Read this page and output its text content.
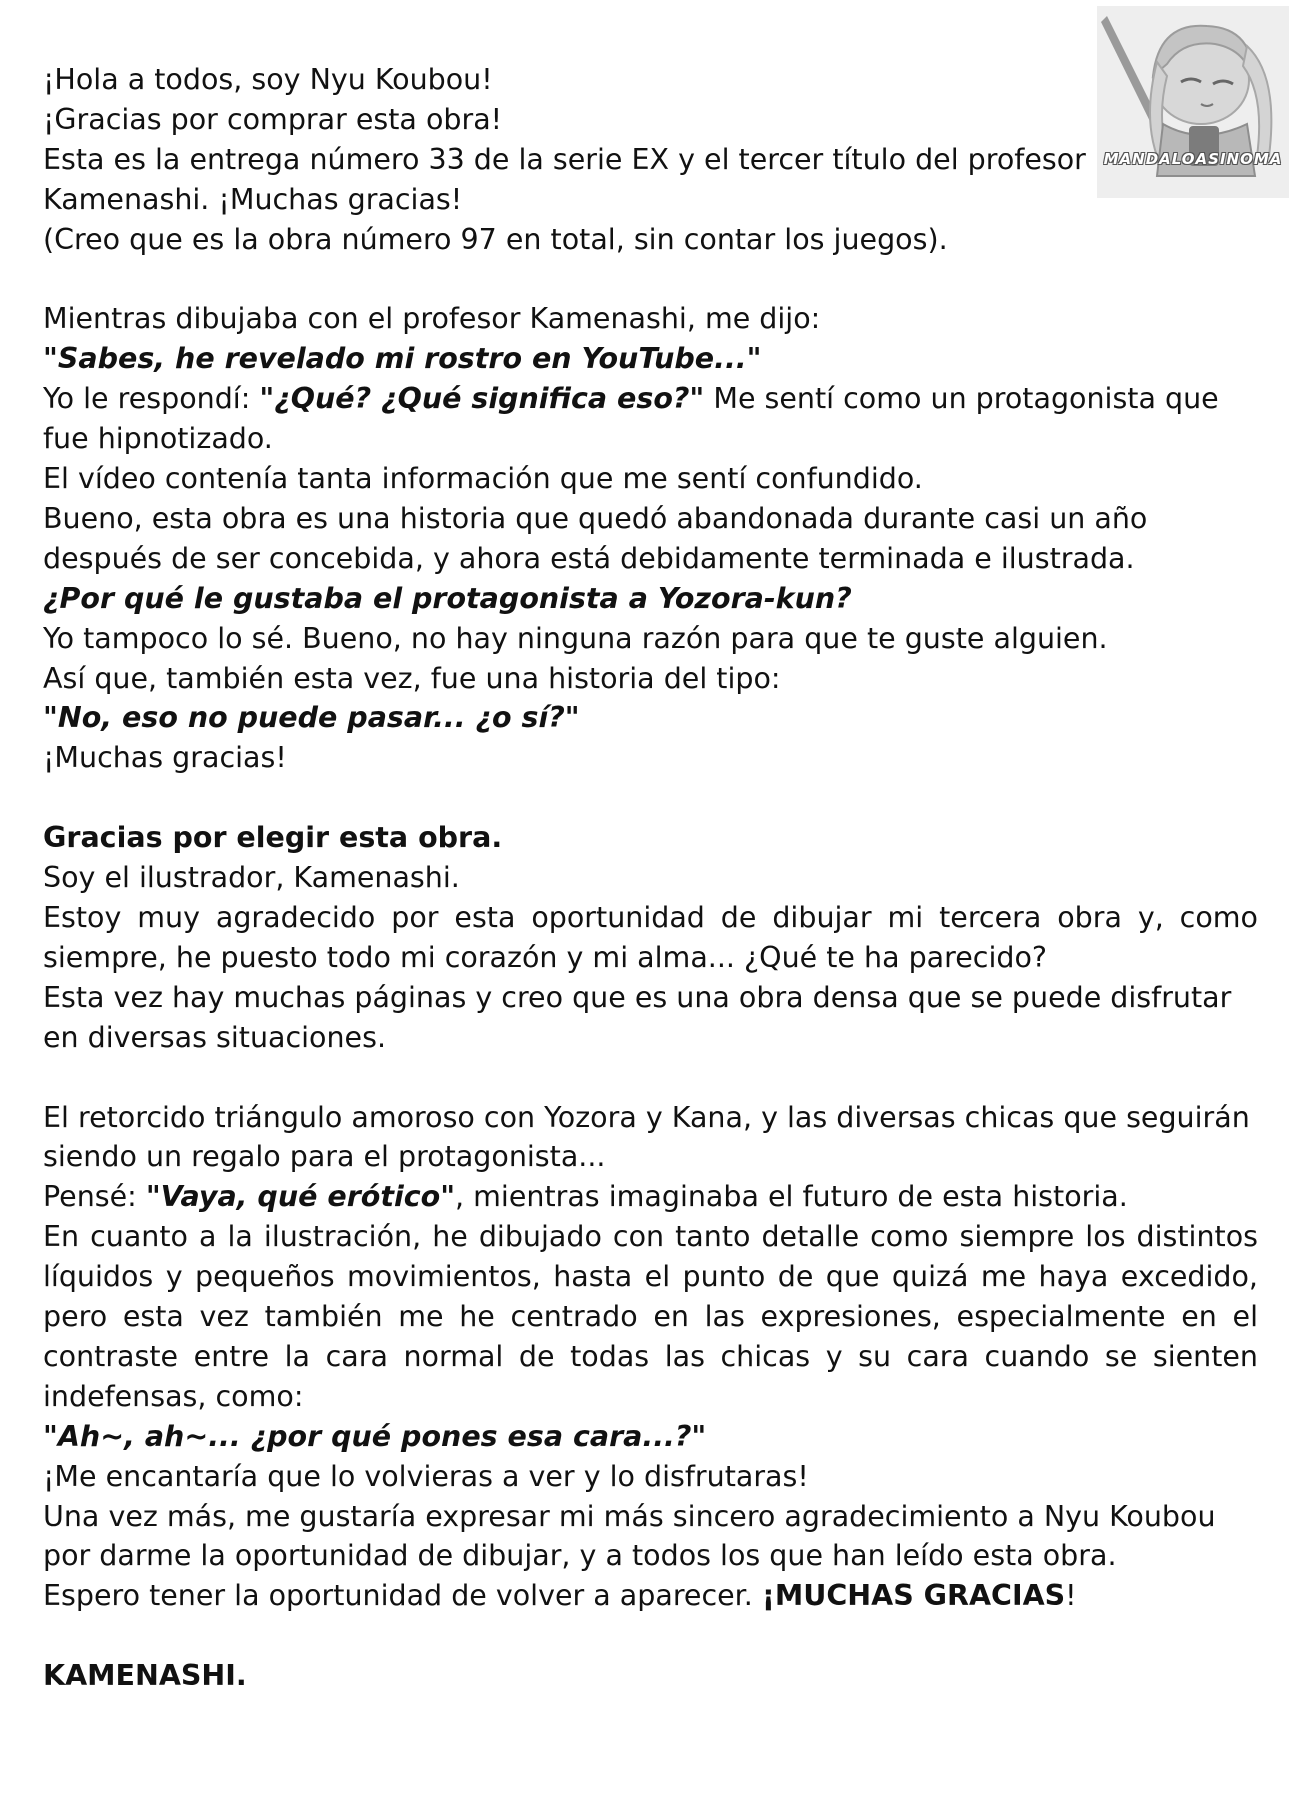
MANDALOASINOMA

¡Hola a todos, soy Nyu Koubou!

¡Gracias por comprar esta obra!

Esta es la entrega número 33 de la serie EX y el tercer título del profesor Kamenashi. ¡Muchas gracias!

(Creo que es la obra número 97 en total, sin contar los juegos).

Mientras dibujaba con el profesor Kamenashi, me dijo:

"Sabes, he revelado mi rostro en YouTube..."

Yo le respondí: "¿Qué? ¿Qué significa eso?" Me sentí como un protagonista que fue hipnotizado.

El vídeo contenía tanta información que me sentí confundido.

Bueno, esta obra es una historia que quedó abandonada durante casi un año después de ser concebida, y ahora está debidamente terminada e ilustrada.

¿Por qué le gustaba el protagonista a Yozora-kun?

Yo tampoco lo sé. Bueno, no hay ninguna razón para que te guste alguien.

Así que, también esta vez, fue una historia del tipo:

"No, eso no puede pasar... ¿o sí?"

¡Muchas gracias!

Gracias por elegir esta obra.

Soy el ilustrador, Kamenashi.

Estoy muy agradecido por esta oportunidad de dibujar mi tercera obra y, como siempre, he puesto todo mi corazón y mi alma... ¿Qué te ha parecido?

Esta vez hay muchas páginas y creo que es una obra densa que se puede disfrutar en diversas situaciones.

El retorcido triángulo amoroso con Yozora y Kana, y las diversas chicas que seguirán siendo un regalo para el protagonista...

Pensé: "Vaya, qué erótico", mientras imaginaba el futuro de esta historia.

En cuanto a la ilustración, he dibujado con tanto detalle como siempre los distintos líquidos y pequeños movimientos, hasta el punto de que quizá me haya excedido, pero esta vez también me he centrado en las expresiones, especialmente en el contraste entre la cara normal de todas las chicas y su cara cuando se sienten indefensas, como:

"Ah~, ah~... ¿por qué pones esa cara...?"

¡Me encantaría que lo volvieras a ver y lo disfrutaras!

Una vez más, me gustaría expresar mi más sincero agradecimiento a Nyu Koubou por darme la oportunidad de dibujar, y a todos los que han leído esta obra.

Espero tener la oportunidad de volver a aparecer. ¡MUCHAS GRACIAS!

KAMENASHI.
